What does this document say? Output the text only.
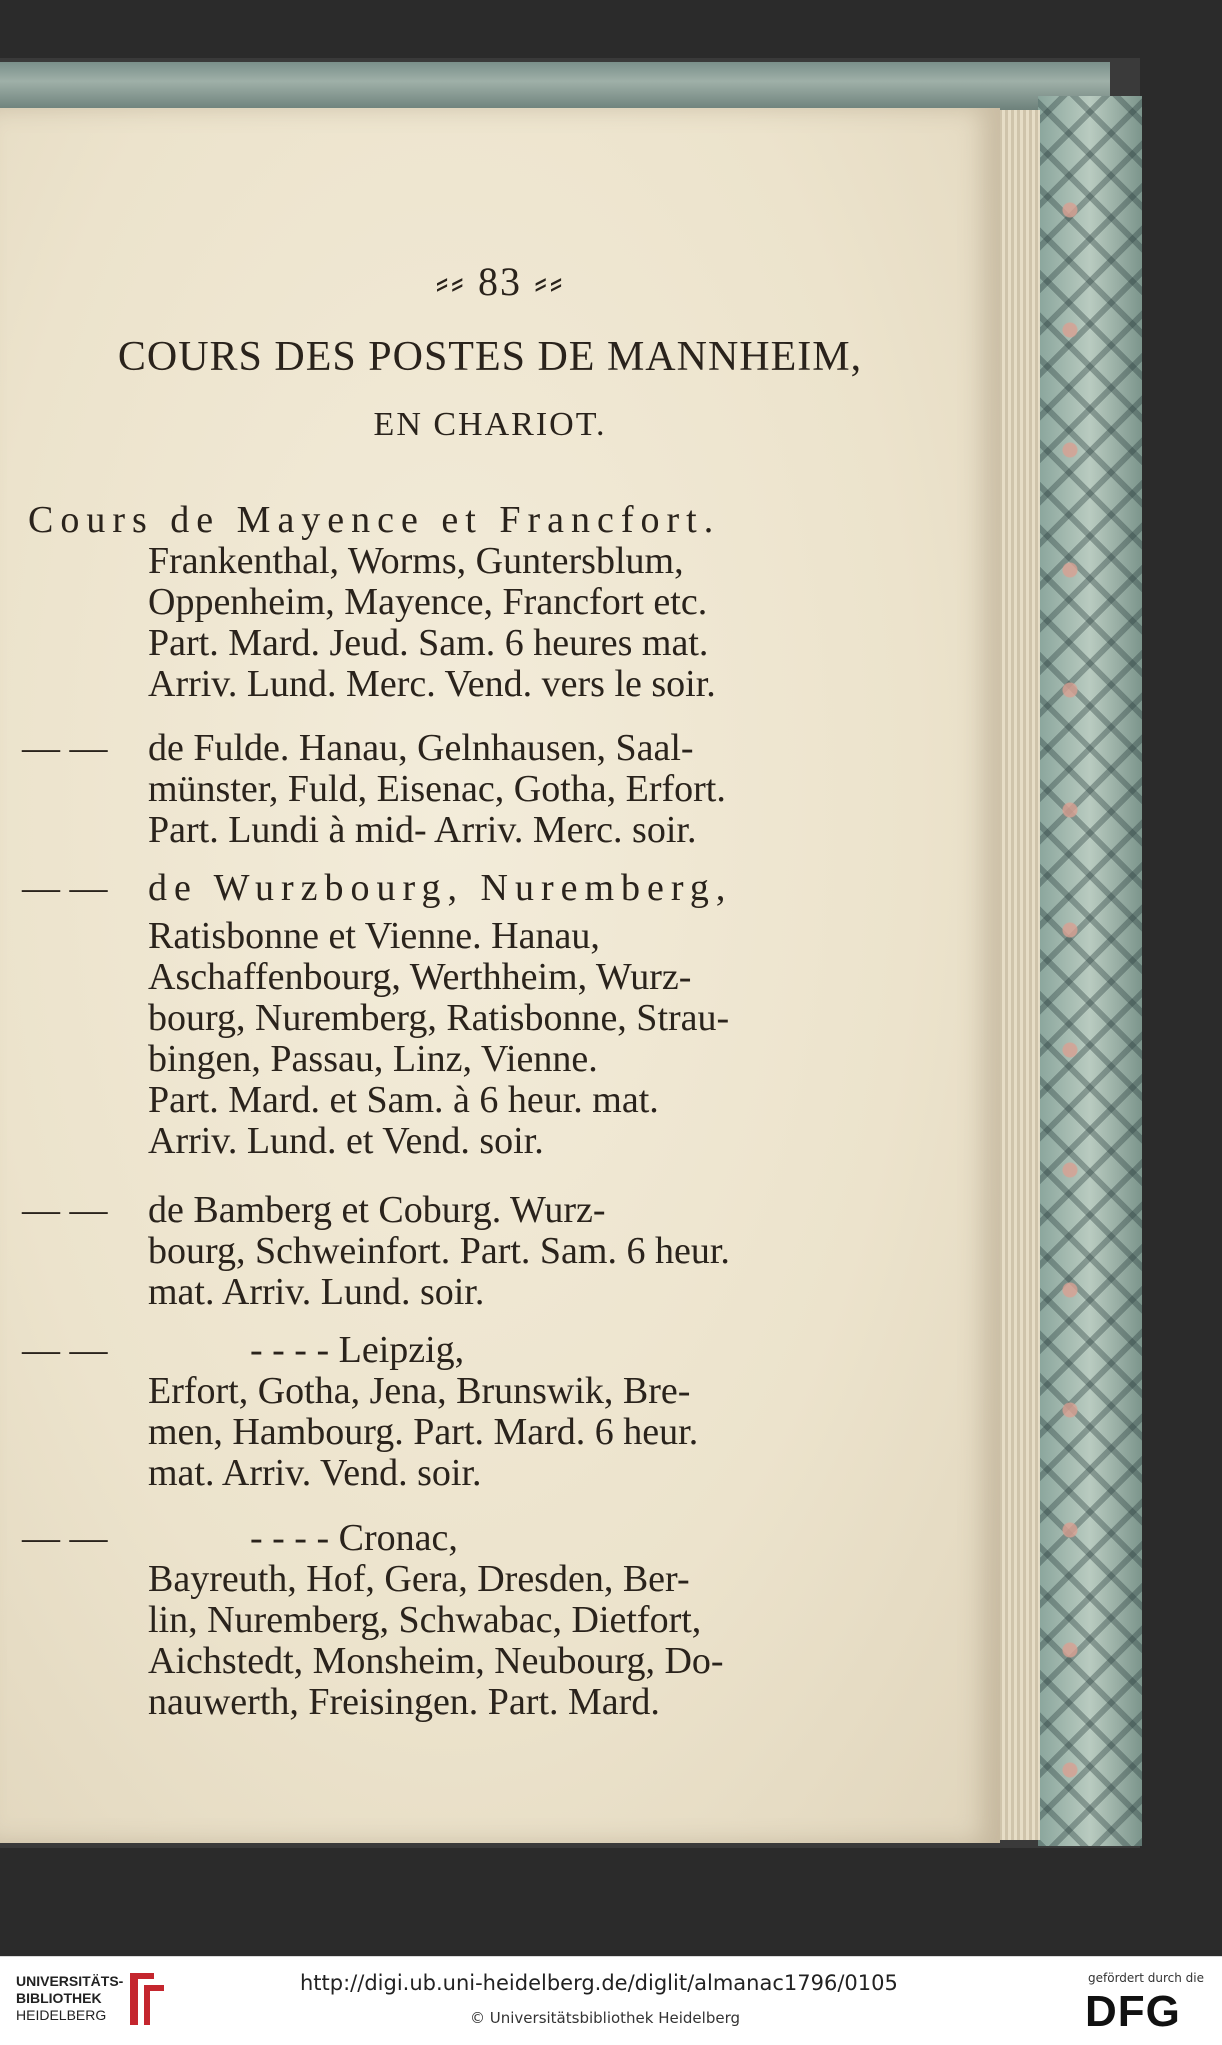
⸗⸗ 83 ⸗⸗
COURS DES POSTES DE MANNHEIM,
EN CHARIOT.
Cours de Mayence et Francfort.
Frankenthal, Worms, Guntersblum,
Oppenheim, Mayence, Francfort etc.
Part. Mard. Jeud. Sam. 6 heures mat.
Arriv. Lund. Merc. Vend. vers le soir.
— — de Fulde. Hanau, Gelnhausen, Saal-
münster, Fuld, Eisenac, Gotha, Erfort.
Part. Lundi à mid- Arriv. Merc. soir.
— — de Wurzbourg, Nuremberg,
Ratisbonne et Vienne. Hanau,
Aschaffenbourg, Werthheim, Wurz-
bourg, Nuremberg, Ratisbonne, Strau-
bingen, Passau, Linz, Vienne.
Part. Mard. et Sam. à 6 heur. mat.
Arriv. Lund. et Vend. soir.
— — de Bamberg et Coburg. Wurz-
bourg, Schweinfort. Part. Sam. 6 heur.
mat. Arriv. Lund. soir.
— —	- - - - Leipzig,
Erfort, Gotha, Jena, Brunswik, Bre-
men, Hambourg. Part. Mard. 6 heur.
mat. Arriv. Vend. soir.
— —	- - - - Cronac,
Bayreuth, Hof, Gera, Dresden, Ber-
lin, Nuremberg, Schwabac, Dietfort,
Aichstedt, Monsheim, Neubourg, Do-
nauwerth, Freisingen. Part. Mard.
UNIVERSITÄTS-
BIBLIOTHEK
HEIDELBERG
http://digi.ub.uni-heidelberg.de/diglit/almanac1796/0105
© Universitätsbibliothek Heidelberg
gefördert durch die
DFG
